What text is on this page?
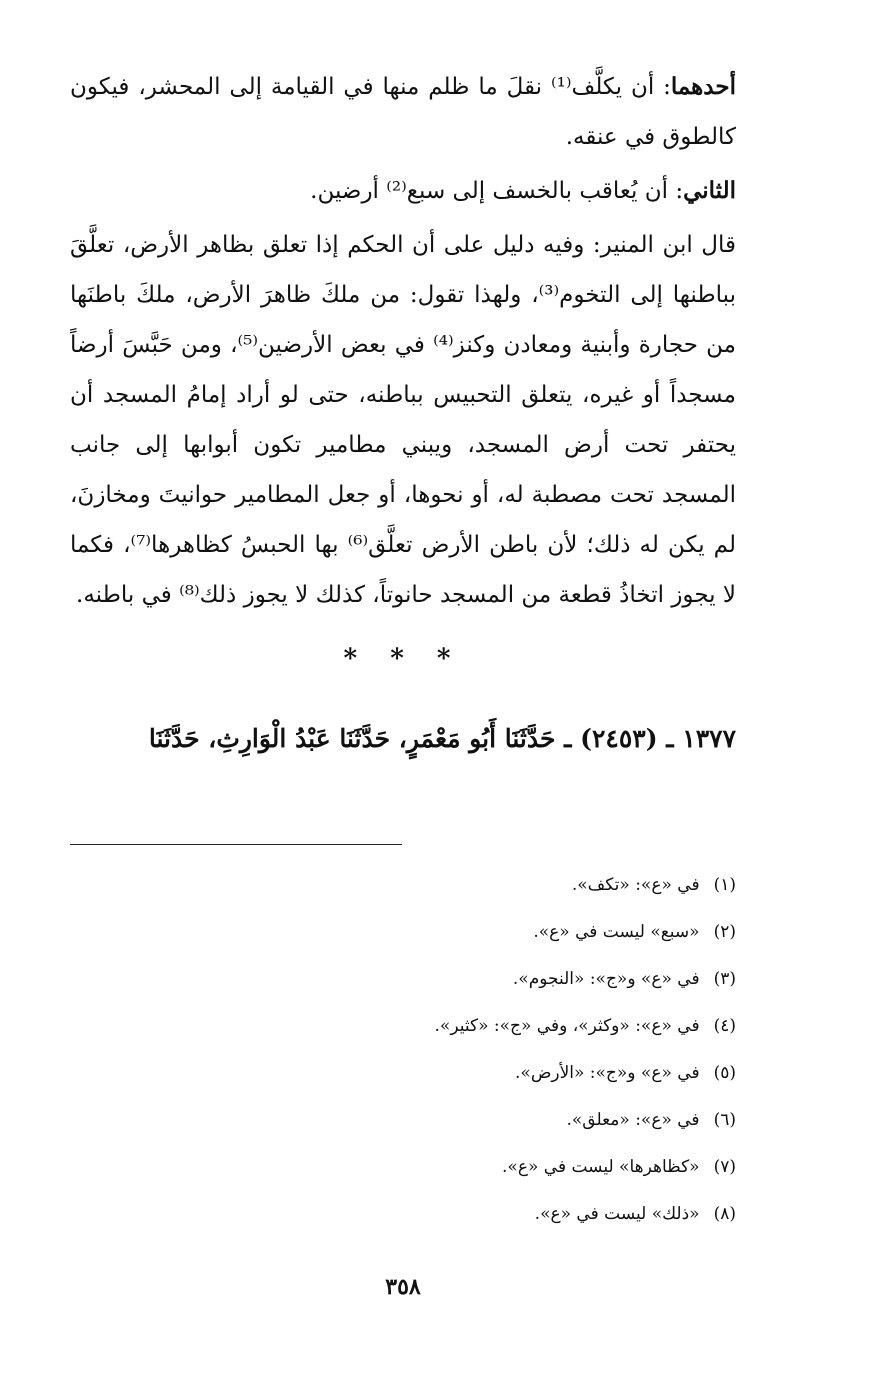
أحدهما: أن يكلَّف⁽¹⁾ نقلَ ما ظلم منها في القيامة إلى المحشر، فيكون كالطوق في عنقه.

الثاني: أن يُعاقب بالخسف إلى سبع⁽²⁾ أرضين.

قال ابن المنير: وفيه دليل على أن الحكم إذا تعلق بظاهر الأرض، تعلَّقَ بباطنها إلى التخوم⁽³⁾، ولهذا تقول: من ملكَ ظاهرَ الأرض، ملكَ باطنَها من حجارة وأبنية ومعادن وكنز⁽⁴⁾ في بعض الأرضين⁽⁵⁾، ومن حَبَّسَ أرضاً مسجداً أو غيره، يتعلق التحبيس بباطنه، حتى لو أراد إمامُ المسجد أن يحتفر تحت أرض المسجد، ويبني مطامير تكون أبوابها إلى جانب المسجد تحت مصطبة له، أو نحوها، أو جعل المطامير حوانيتَ ومخازنَ، لم يكن له ذلك؛ لأن باطن الأرض تعلَّق⁽⁶⁾ بها الحبسُ كظاهرها⁽⁷⁾، فكما لا يجوز اتخاذُ قطعة من المسجد حانوتاً، كذلك لا يجوز ذلك⁽⁸⁾ في باطنه.

* * *
١٣٧٧ ـ (٢٤٥٣) ـ حَدَّثَنَا أَبُو مَعْمَرٍ، حَدَّثَنَا عَبْدُ الْوَارِثِ، حَدَّثَنَا
(١)في «ع»: «تكف».
(٢)«سبع» ليست في «ع».
(٣)في «ع» و«ج»: «النجوم».
(٤)في «ع»: «وكثر»، وفي «ج»: «كثير».
(٥)في «ع» و«ج»: «الأرض».
(٦)في «ع»: «معلق».
(٧)«كظاهرها» ليست في «ع».
(٨)«ذلك» ليست في «ع».
٣٥٨
